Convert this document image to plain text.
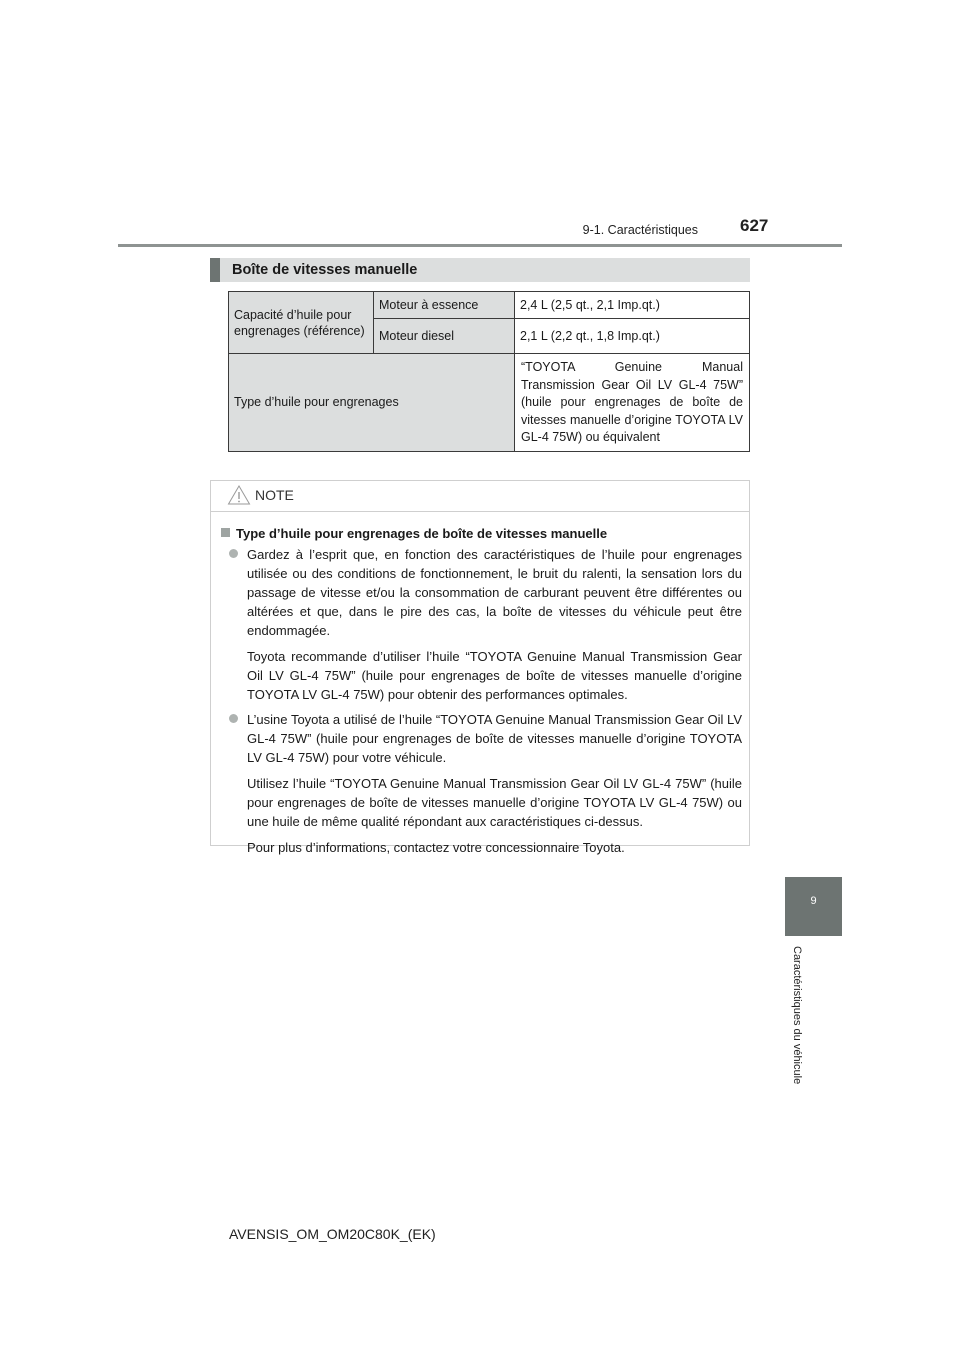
9-1. Caractéristiques 627
Boîte de vitesses manuelle
Capacité d’huile pour engrenages (référence)	Moteur à essence	2,4 L (2,5 qt., 2,1 Imp.qt.)
	Moteur diesel	2,1 L (2,2 qt., 1,8 Imp.qt.)
Type d’huile pour engrenages		“TOYOTA Genuine Manual Transmission Gear Oil LV GL-4 75W” (huile pour engrenages de boîte de vitesses manuelle d’origine TOYOTA LV GL-4 75W) ou équivalent
NOTE
Type d’huile pour engrenages de boîte de vitesses manuelle

Gardez à l’esprit que, en fonction des caractéristiques de l’huile pour engrenages utilisée ou des conditions de fonctionnement, le bruit du ralenti, la sensation lors du passage de vitesse et/ou la consommation de carburant peuvent être différentes ou altérées et que, dans le pire des cas, la boîte de vitesses du véhicule peut être endommagée.

Toyota recommande d’utiliser l’huile “TOYOTA Genuine Manual Transmission Gear Oil LV GL-4 75W” (huile pour engrenages de boîte de vitesses manuelle d’origine TOYOTA LV GL-4 75W) pour obtenir des performances optimales.

L’usine Toyota a utilisé de l’huile “TOYOTA Genuine Manual Transmission Gear Oil LV GL-4 75W” (huile pour engrenages de boîte de vitesses manuelle d’origine TOYOTA LV GL-4 75W) pour votre véhicule.

Utilisez l’huile “TOYOTA Genuine Manual Transmission Gear Oil LV GL-4 75W” (huile pour engrenages de boîte de vitesses manuelle d’origine TOYOTA LV GL-4 75W) ou une huile de même qualité répondant aux caractéristiques ci-dessus.

Pour plus d’informations, contactez votre concessionnaire Toyota.

9
Caractéristiques du véhicule
AVENSIS_OM_OM20C80K_(EK)
